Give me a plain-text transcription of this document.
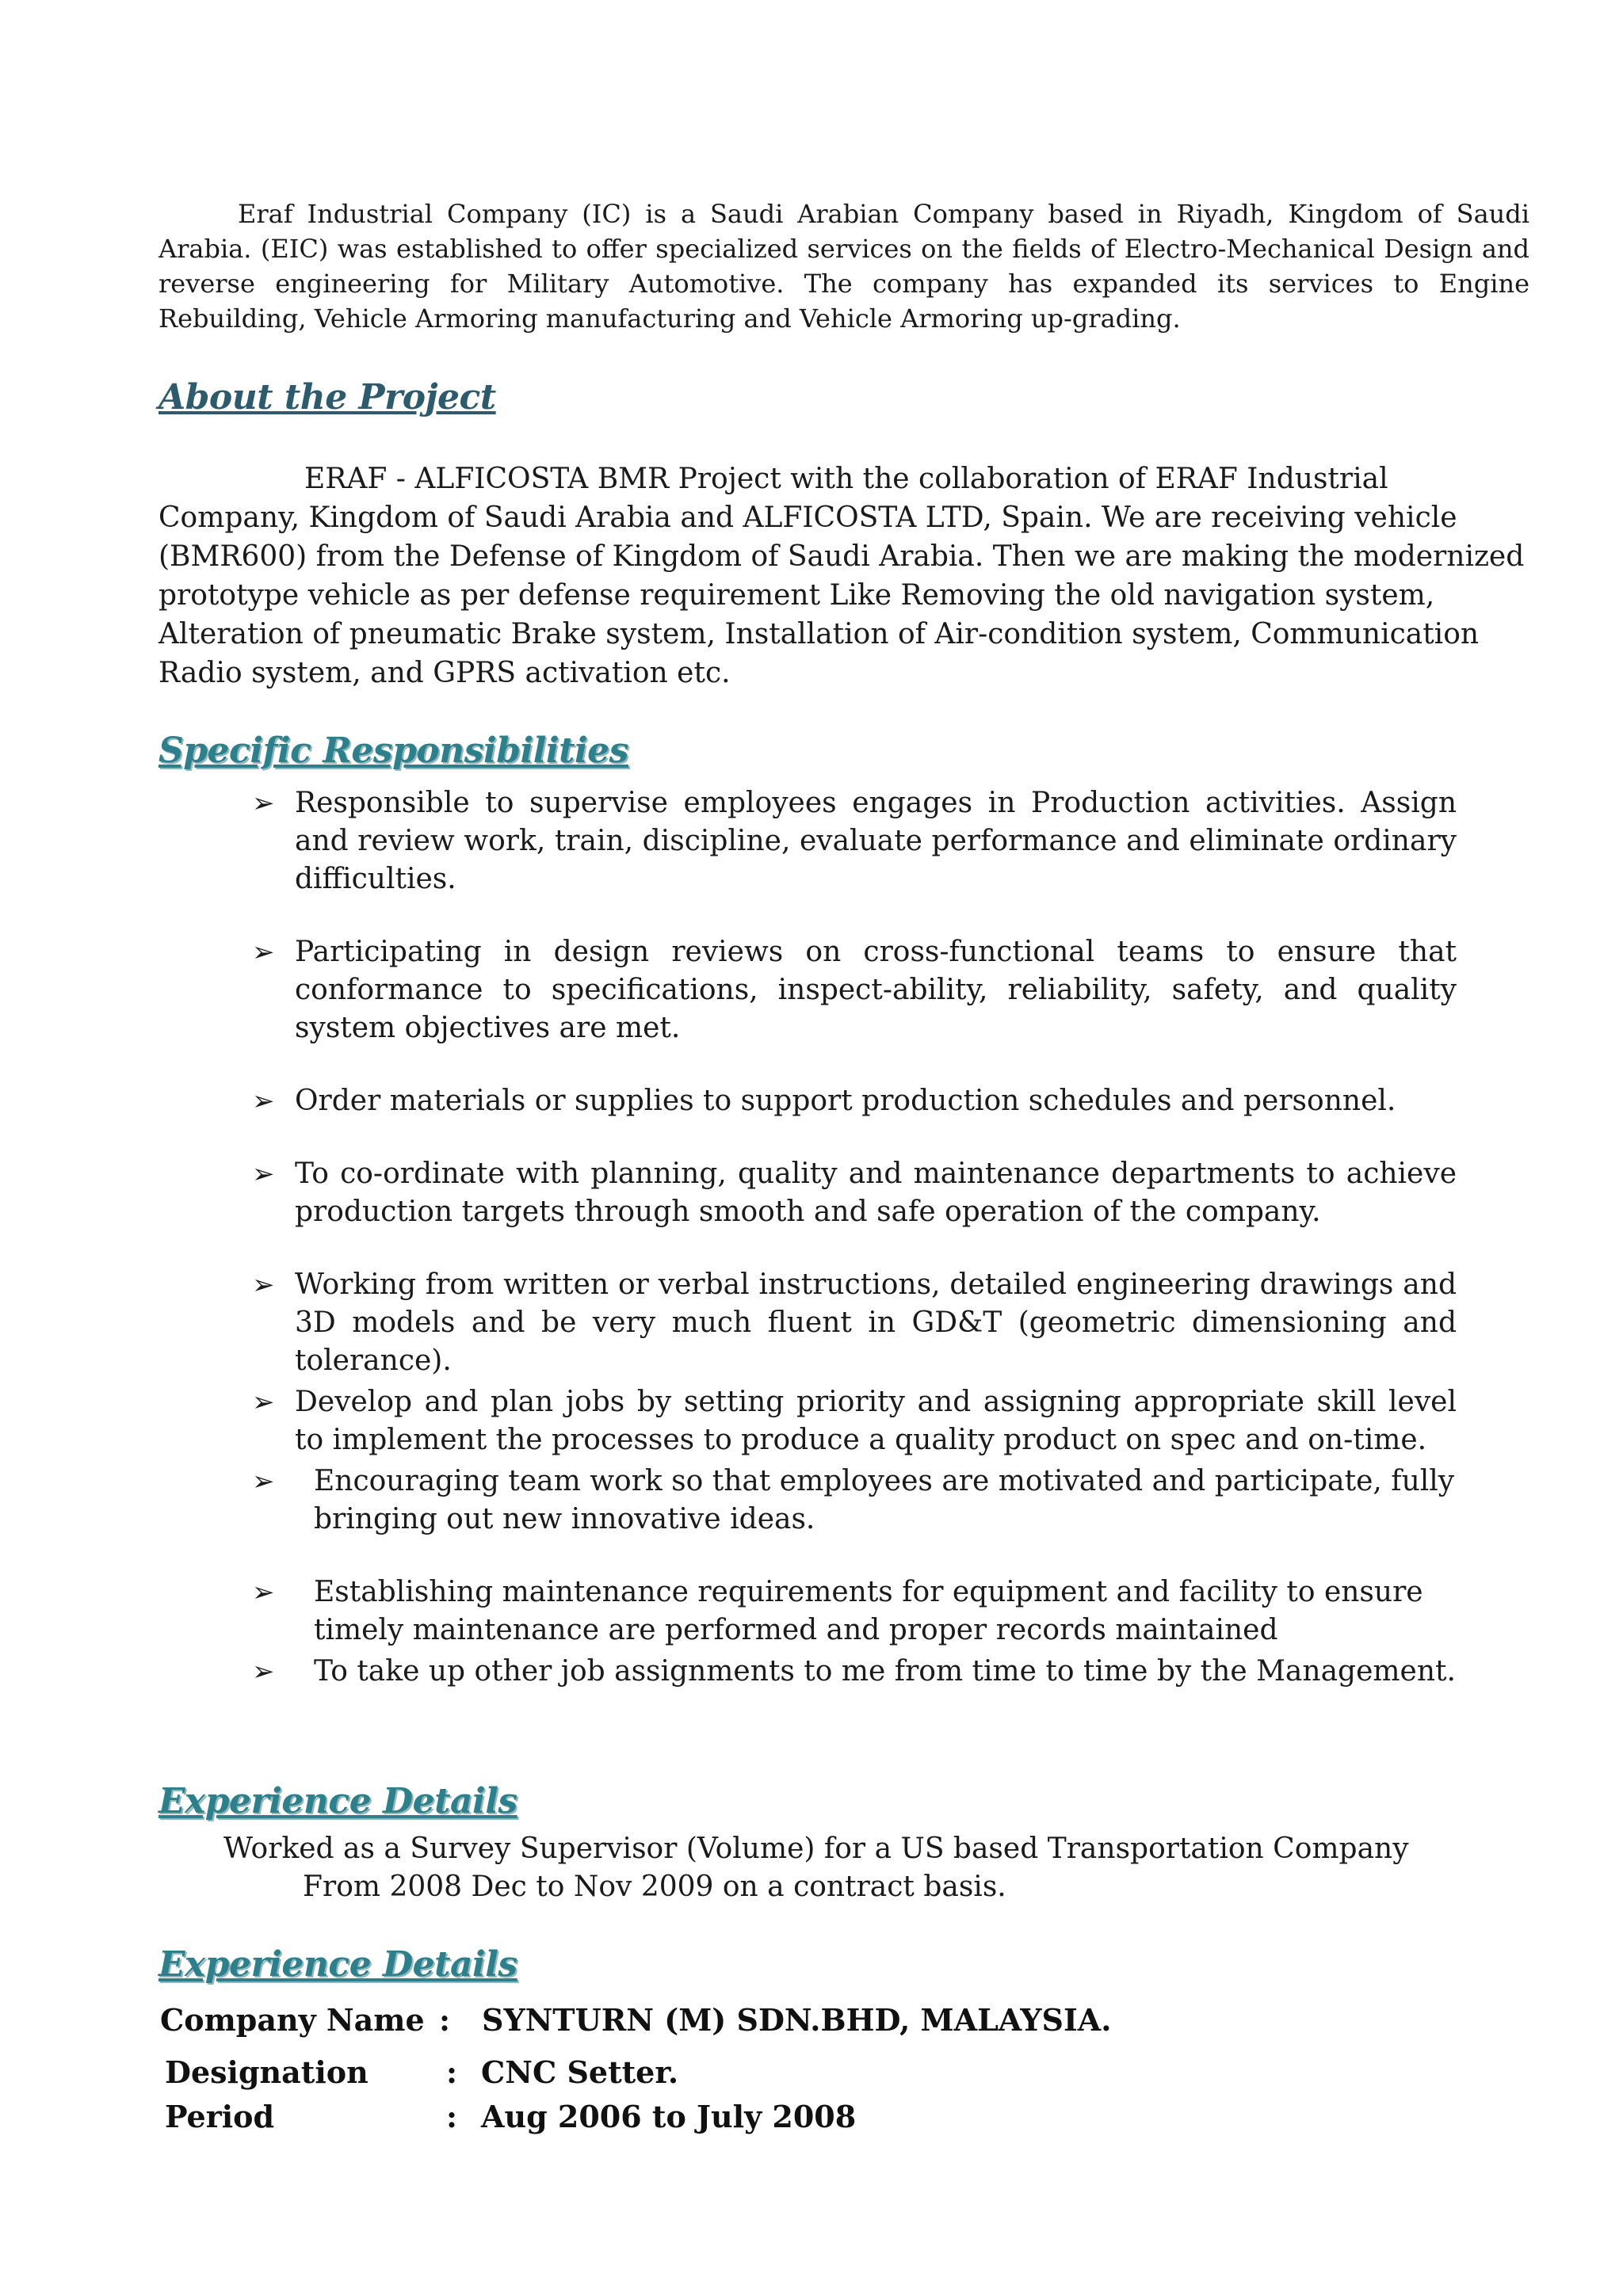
Eraf Industrial Company (IC) is a Saudi Arabian Company based in Riyadh, Kingdom of Saudi Arabia. (EIC) was established to offer specialized services on the fields of Electro-Mechanical Design and reverse engineering for Military Automotive. The company has expanded its services to Engine Rebuilding, Vehicle Armoring manufacturing and Vehicle Armoring up-grading.

About the Project

ERAF - ALFICOSTA BMR Project with the collaboration of ERAF Industrial Company, Kingdom of Saudi Arabia and ALFICOSTA LTD, Spain. We are receiving vehicle (BMR600) from the Defense of Kingdom of Saudi Arabia. Then we are making the modernized prototype vehicle as per defense requirement Like Removing the old navigation system, Alteration of pneumatic Brake system, Installation of Air-condition system, Communication Radio system, and GPRS activation etc.

Specific Responsibilities
➢ Responsible to supervise employees engages in Production activities. Assign and review work, train, discipline, evaluate performance and eliminate ordinary difficulties.
➢ Participating in design reviews on cross-functional teams to ensure that conformance to specifications, inspect-ability, reliability, safety, and quality system objectives are met.
➢ Order materials or supplies to support production schedules and personnel.
➢ To co-ordinate with planning, quality and maintenance departments to achieve production targets through smooth and safe operation of the company.
➢ Working from written or verbal instructions, detailed engineering drawings and 3D models and be very much fluent in GD&T (geometric dimensioning and tolerance).
➢ Develop and plan jobs by setting priority and assigning appropriate skill level to implement the processes to produce a quality product on spec and on-time.
➢ Encouraging team work so that employees are motivated and participate, fully bringing out new innovative ideas.
➢ Establishing maintenance requirements for equipment and facility to ensure timely maintenance are performed and proper records maintained
➢ To take up other job assignments to me from time to time by the Management.
Experience Details

Worked as a Survey Supervisor (Volume) for a US based Transportation Company

From 2008 Dec to Nov 2009 on a contract basis.

Experience Details
Company Name : SYNTURN (M) SDN.BHD, MALAYSIA.
Designation	: CNC Setter.
Period	: Aug 2006 to July 2008
